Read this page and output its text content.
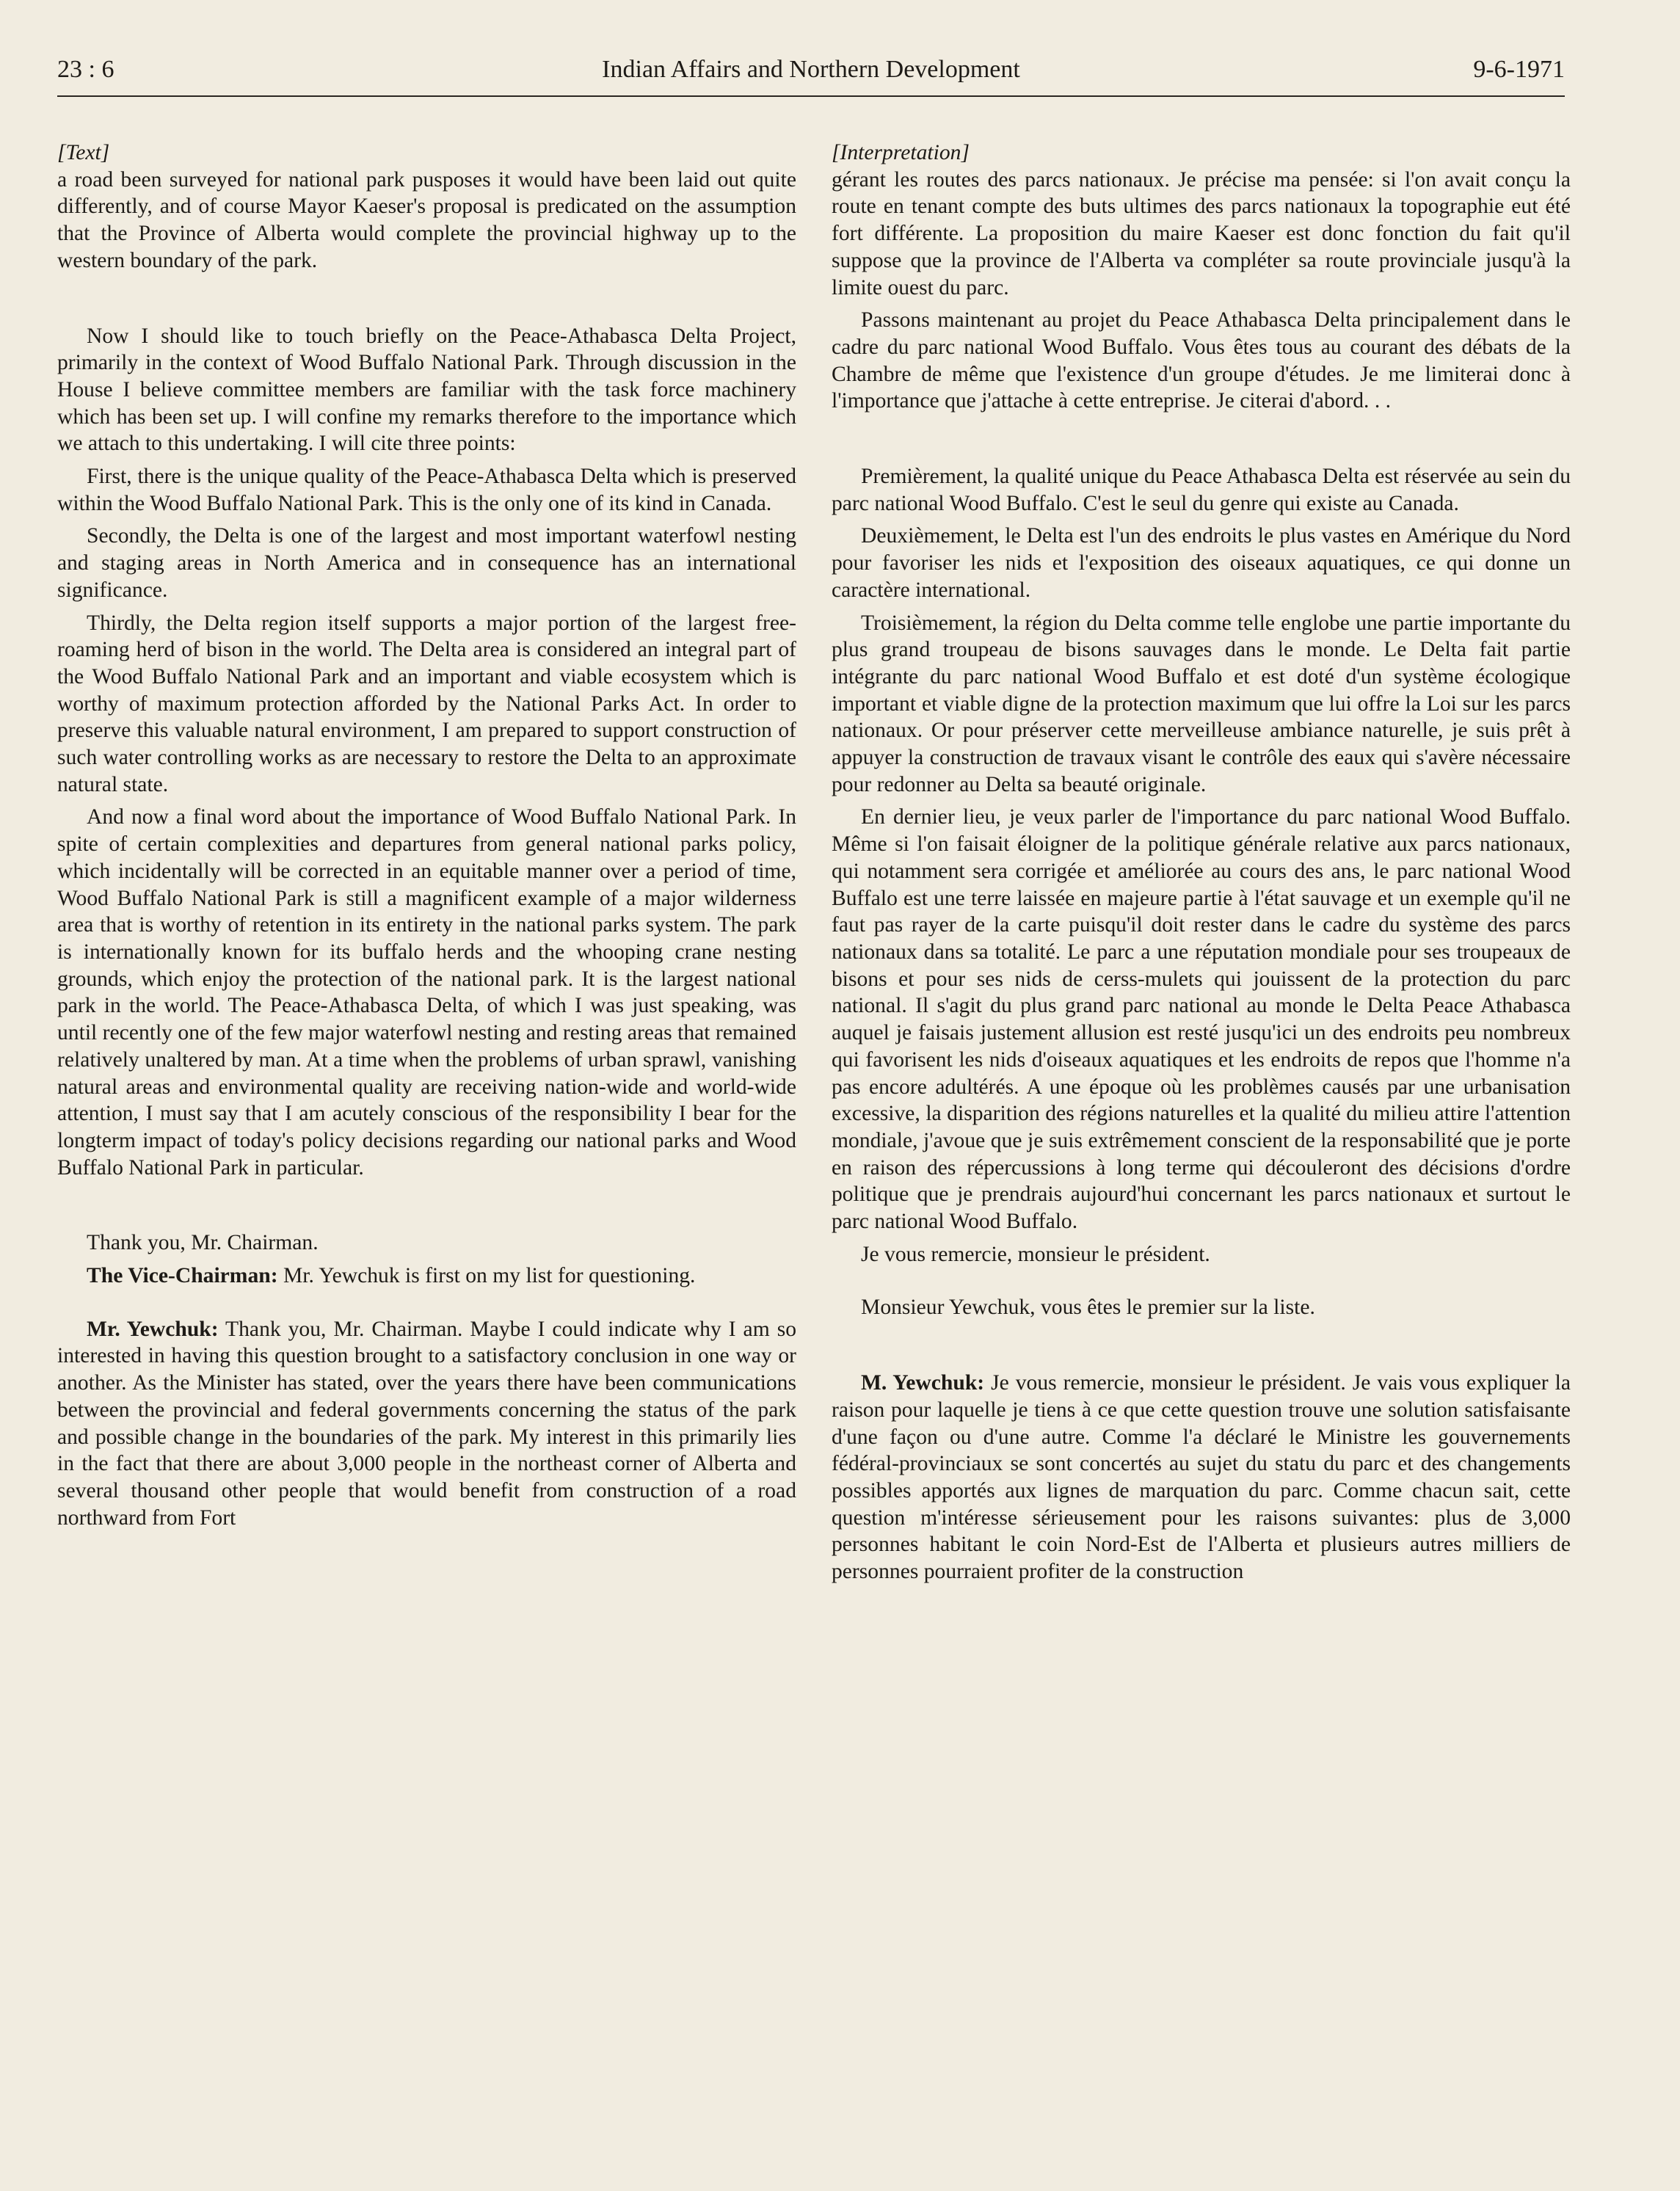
23 : 6	Indian Affairs and Northern Development	9-6-1971

[Text]

a road been surveyed for national park pusposes it would have been laid out quite differently, and of course Mayor Kaeser's proposal is predicated on the assumption that the Province of Alberta would complete the provincial highway up to the western boundary of the park.

Now I should like to touch briefly on the Peace-Athabasca Delta Project, primarily in the context of Wood Buffalo National Park. Through discussion in the House I believe committee members are familiar with the task force machinery which has been set up. I will confine my remarks therefore to the importance which we attach to this undertaking. I will cite three points:

First, there is the unique quality of the Peace-Athabasca Delta which is preserved within the Wood Buffalo National Park. This is the only one of its kind in Canada.

Secondly, the Delta is one of the largest and most important waterfowl nesting and staging areas in North America and in consequence has an international significance.

Thirdly, the Delta region itself supports a major portion of the largest free-roaming herd of bison in the world. The Delta area is considered an integral part of the Wood Buffalo National Park and an important and viable ecosystem which is worthy of maximum protection afforded by the National Parks Act. In order to preserve this valuable natural environment, I am prepared to support construction of such water controlling works as are necessary to restore the Delta to an approximate natural state.

And now a final word about the importance of Wood Buffalo National Park. In spite of certain complexities and departures from general national parks policy, which incidentally will be corrected in an equitable manner over a period of time, Wood Buffalo National Park is still a magnificent example of a major wilderness area that is worthy of retention in its entirety in the national parks system. The park is internationally known for its buffalo herds and the whooping crane nesting grounds, which enjoy the protection of the national park. It is the largest national park in the world. The Peace-Athabasca Delta, of which I was just speaking, was until recently one of the few major waterfowl nesting and resting areas that remained relatively unaltered by man. At a time when the problems of urban sprawl, vanishing natural areas and environmental quality are receiving nation-wide and world-wide attention, I must say that I am acutely conscious of the responsibility I bear for the longterm impact of today's policy decisions regarding our national parks and Wood Buffalo National Park in particular.

Thank you, Mr. Chairman.

The Vice-Chairman: Mr. Yewchuk is first on my list for questioning.

Mr. Yewchuk: Thank you, Mr. Chairman. Maybe I could indicate why I am so interested in having this question brought to a satisfactory conclusion in one way or another. As the Minister has stated, over the years there have been communications between the provincial and federal governments concerning the status of the park and possible change in the boundaries of the park. My interest in this primarily lies in the fact that there are about 3,000 people in the northeast corner of Alberta and several thousand other people that would benefit from construction of a road northward from Fort

[Interpretation]

gérant les routes des parcs nationaux. Je précise ma pensée: si l'on avait conçu la route en tenant compte des buts ultimes des parcs nationaux la topographie eut été fort différente. La proposition du maire Kaeser est donc fonction du fait qu'il suppose que la province de l'Alberta va compléter sa route provinciale jusqu'à la limite ouest du parc.

Passons maintenant au projet du Peace Athabasca Delta principalement dans le cadre du parc national Wood Buffalo. Vous êtes tous au courant des débats de la Chambre de même que l'existence d'un groupe d'études. Je me limiterai donc à l'importance que j'attache à cette entreprise. Je citerai d'abord. . .

Premièrement, la qualité unique du Peace Athabasca Delta est réservée au sein du parc national Wood Buffalo. C'est le seul du genre qui existe au Canada.

Deuxièmement, le Delta est l'un des endroits le plus vastes en Amérique du Nord pour favoriser les nids et l'exposition des oiseaux aquatiques, ce qui donne un caractère international.

Troisièmement, la région du Delta comme telle englobe une partie importante du plus grand troupeau de bisons sauvages dans le monde. Le Delta fait partie intégrante du parc national Wood Buffalo et est doté d'un système écologique important et viable digne de la protection maximum que lui offre la Loi sur les parcs nationaux. Or pour préserver cette merveilleuse ambiance naturelle, je suis prêt à appuyer la construction de travaux visant le contrôle des eaux qui s'avère nécessaire pour redonner au Delta sa beauté originale.

En dernier lieu, je veux parler de l'importance du parc national Wood Buffalo. Même si l'on faisait éloigner de la politique générale relative aux parcs nationaux, qui notamment sera corrigée et améliorée au cours des ans, le parc national Wood Buffalo est une terre laissée en majeure partie à l'état sauvage et un exemple qu'il ne faut pas rayer de la carte puisqu'il doit rester dans le cadre du système des parcs nationaux dans sa totalité. Le parc a une réputation mondiale pour ses troupeaux de bisons et pour ses nids de cerss-mulets qui jouissent de la protection du parc national. Il s'agit du plus grand parc national au monde le Delta Peace Athabasca auquel je faisais justement allusion est resté jusqu'ici un des endroits peu nombreux qui favorisent les nids d'oiseaux aquatiques et les endroits de repos que l'homme n'a pas encore adultérés. A une époque où les problèmes causés par une urbanisation excessive, la disparition des régions naturelles et la qualité du milieu attire l'attention mondiale, j'avoue que je suis extrêmement conscient de la responsabilité que je porte en raison des répercussions à long terme qui découleront des décisions d'ordre politique que je prendrais aujourd'hui concernant les parcs nationaux et surtout le parc national Wood Buffalo.

Je vous remercie, monsieur le président.

Monsieur Yewchuk, vous êtes le premier sur la liste.

M. Yewchuk: Je vous remercie, monsieur le président. Je vais vous expliquer la raison pour laquelle je tiens à ce que cette question trouve une solution satisfaisante d'une façon ou d'une autre. Comme l'a déclaré le Ministre les gouvernements fédéral-provinciaux se sont concertés au sujet du statu du parc et des changements possibles apportés aux lignes de marquation du parc. Comme chacun sait, cette question m'intéresse sérieusement pour les raisons suivantes: plus de 3,000 personnes habitant le coin Nord-Est de l'Alberta et plusieurs autres milliers de personnes pourraient profiter de la construction
